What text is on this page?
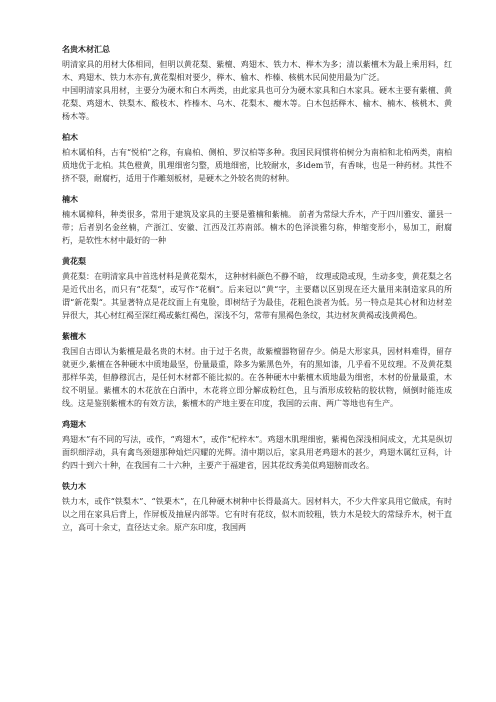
名贵木材汇总

明清家具的用材大体相同，但明以黄花梨、紫檀、鸡翅木、铁力木、榉木为多；清以紫檀木为最上乘用料，红木、鸡翅木、铁力木亦有,黄花梨相对要少，榉木、榆木、柞榛、核桃木民间使用最为广泛。

中国明清家具用材，主要分为硬木和白木两类，由此家具也可分为硬木家具和白木家具。硬木主要有紫檀、黄花梨、鸡翅木、铁梨木、酸枝木、柞榛木、乌木、花梨木、瘿木等。白木包括榉木、榆木、楠木、核桃木、黄杨木等。

柏木

柏木属柏科，古有“悦柏”之称，有扁柏、侧柏、罗汉柏等多种。我国民间惯将柏树分为南柏和北柏两类，南柏质地优于北柏。其色橙黄，肌理细密匀整，质地细密，比较耐水，多idem节，有香味，也是一种药材。其性不挤不裂，耐腐朽，适用于作雕刻板材，是硬木之外较名贵的材种。

楠木

楠木属樟科，种类很多，常用于建筑及家具的主要是雅楠和紫楠。 前者为常绿大乔木，产于四川雅安、灌县一带；后者别名金丝楠，产浙江、安徽、江西及江苏南部。楠木的色泽淡雅匀称，伸缩变形小，易加工，耐腐朽，是软性木材中最好的一种

黄花梨

黄花梨：在明清家具中首选材料是黄花梨木， 这种材料颜色不静不暗， 纹理或隐或现，生动多变，黄花梨之名是近代出名，而只有“花梨“，或写作“花榈“。后来冠以“黄“字，主要藉以区别现在还大量用来制造家具的所谓“新花梨“。其显著特点是花纹面上有鬼脸，即树结子为最佳，花粗色淡者为低。另一特点是其心材和边材差异很大，其心材红褐至深红褐或紫红褐色，深浅不匀，常带有黑褐色条纹，其边材灰黄褐或浅黄褐色。

紫檀木

我国自古即认为紫檀是最名贵的木材。由于过于名贵，故紫檀器物留存少。倘是大形家具，因材料难得，留存就更少,紫檀在各种硬木中质地最坚，份量最重，除多为紫黑色外，有的黑如漆，几乎看不见纹理。不及黄花梨那样华美，但静穆沉古，是任何木材都不能比拟的。在各种硬木中紫檀木质地最为细密，木材的份量最重，木纹不明显。紫檀木的木花放在白酒中，木花将立即分解成粉红色，且与酒形成较粘的胶状物，倾倒时能连成线。这是鉴别紫檀木的有效方法，紫檀木的产地主要在印度，我国的云南、两广等地也有生产。

鸡翅木

鸡翅木”有不同的写法，或作，“鸡翅木”，或作“杞梓木”。鸡翅木肌理细密，紫褐色深浅相间成文，尤其是纵切面织细浮动，具有禽鸟颈翅那种灿烂闪耀的光辉。清中期以后，家具用老鸡翅木的甚少，鸡翅木属红豆科，计约四十到六十种，在我国有二十六种，主要产于福建省，因其花纹秀美似鸡翅膀而改名。

铁力木

铁力木，或作“铁梨木”、“铁栗木”，在几种硬木树种中长得最高大。因材料大，不少大件家具用它做成，有时以之用在家具后背上，作屏板及抽屉内部等。它有时有花纹，似木而较粗，铁力木是较大的常绿乔木，树干直立，高可十余丈，直径达丈余。原产东印度，我国两
